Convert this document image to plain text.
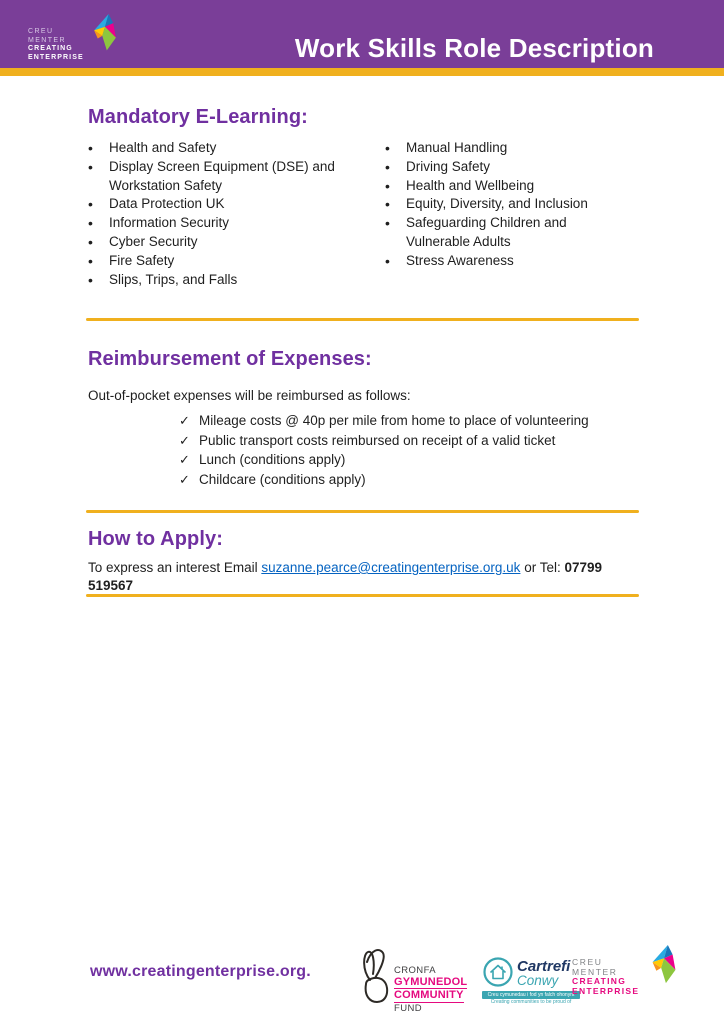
CREU
MENTER
CREATING
ENTERPRISE	Work Skills Role Description
Mandatory E-Learning:
• Health and Safety
• Display Screen Equipment (DSE) and Workstation Safety
• Data Protection UK
• Information Security
• Cyber Security
• Fire Safety
• Slips, Trips, and Falls
• Manual Handling
• Driving Safety
• Health and Wellbeing
• Equity, Diversity, and Inclusion
• Safeguarding Children and Vulnerable Adults
• Stress Awareness
Reimbursement of Expenses:

Out-of-pocket expenses will be reimbursed as follows:

✓ Mileage costs @ 40p per mile from home to place of volunteering
✓ Public transport costs reimbursed on receipt of a valid ticket
✓ Lunch (conditions apply)
✓ Childcare (conditions apply)
How to Apply:

To express an interest Email suzanne.pearce@creatingenterprise.org.uk or Tel: 07799 519567

www.creatingenterprise.org.	CRONFA
GYMUNEDOL
COMMUNITY
FUND
Cartrefi
Conwy
Creu cymunedau i fod yn falch ohonynt
Creating communities to be proud of
CREU
MENTER
CREATING
ENTERPRISE
